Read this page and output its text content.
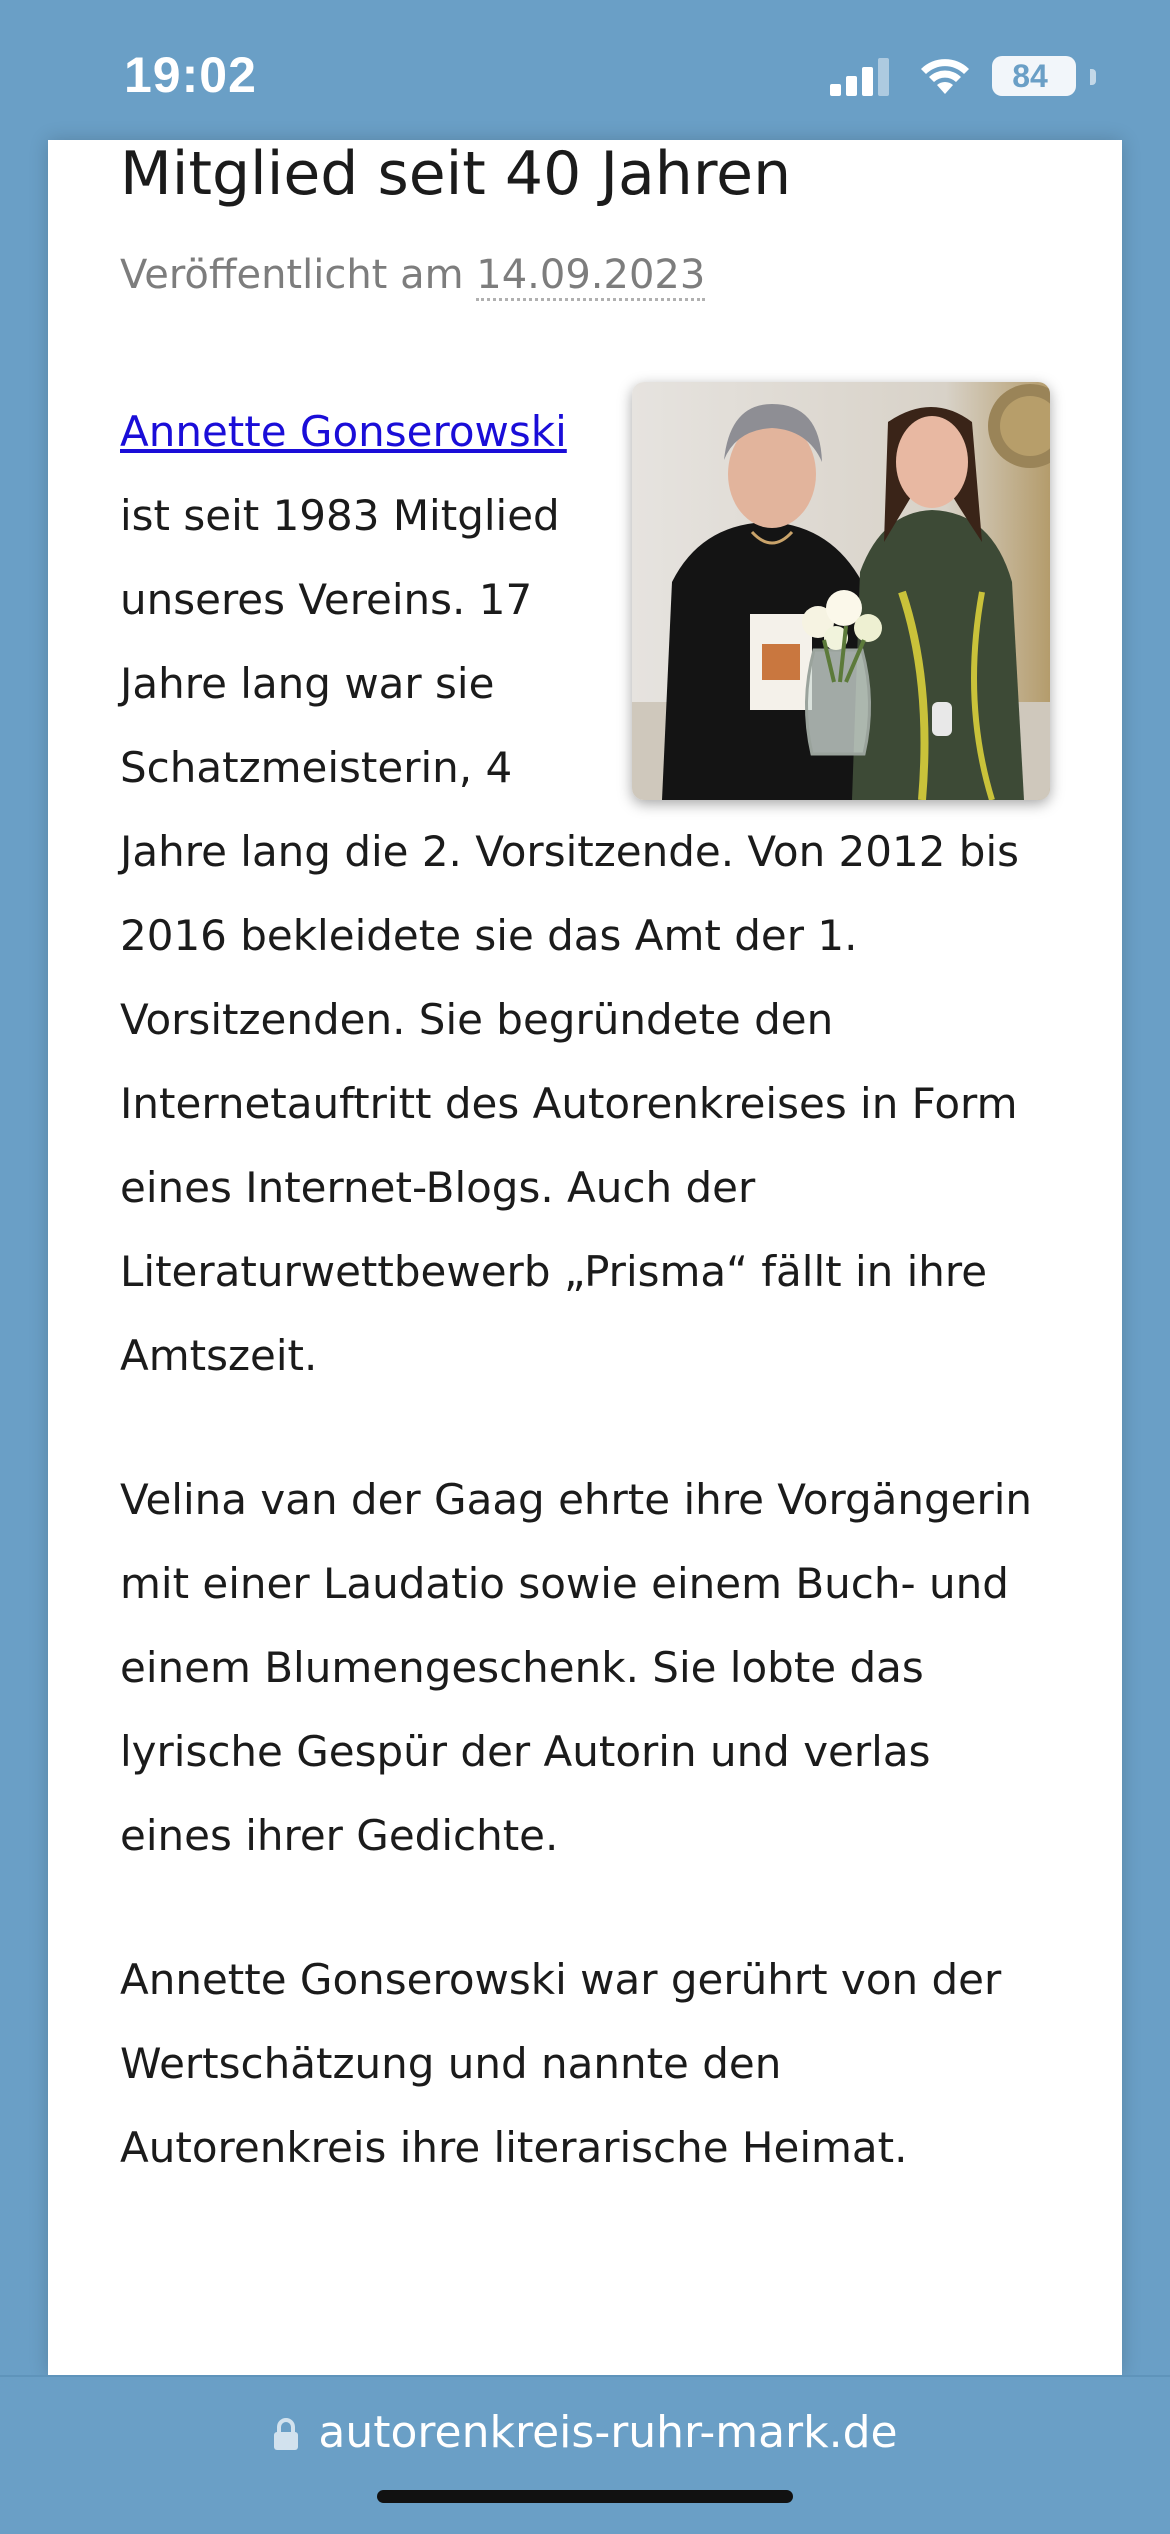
19:02	84
Mitglied seit 40 Jahren
Veröffentlicht am 14.09.2023

Annette Gonserowski ist seit 1983 Mitglied unseres Vereins. 17 Jahre lang war sie Schatzmeisterin, 4 Jahre lang die 2. Vorsitzende. Von 2012 bis 2016 bekleidete sie das Amt der 1. Vorsitzenden. Sie begründete den Internetauftritt des Autorenkreises in Form eines Internet-Blogs. Auch der Literaturwettbewerb „Prisma“ fällt in ihre Amtszeit.

Velina van der Gaag ehrte ihre Vorgängerin mit einer Laudatio sowie einem Buch- und einem Blumengeschenk. Sie lobte das lyrische Gespür der Autorin und verlas eines ihrer Gedichte.

Annette Gonserowski war gerührt von der Wertschätzung und nannte den Autorenkreis ihre literarische Heimat.

autorenkreis-ruhr-mark.de
